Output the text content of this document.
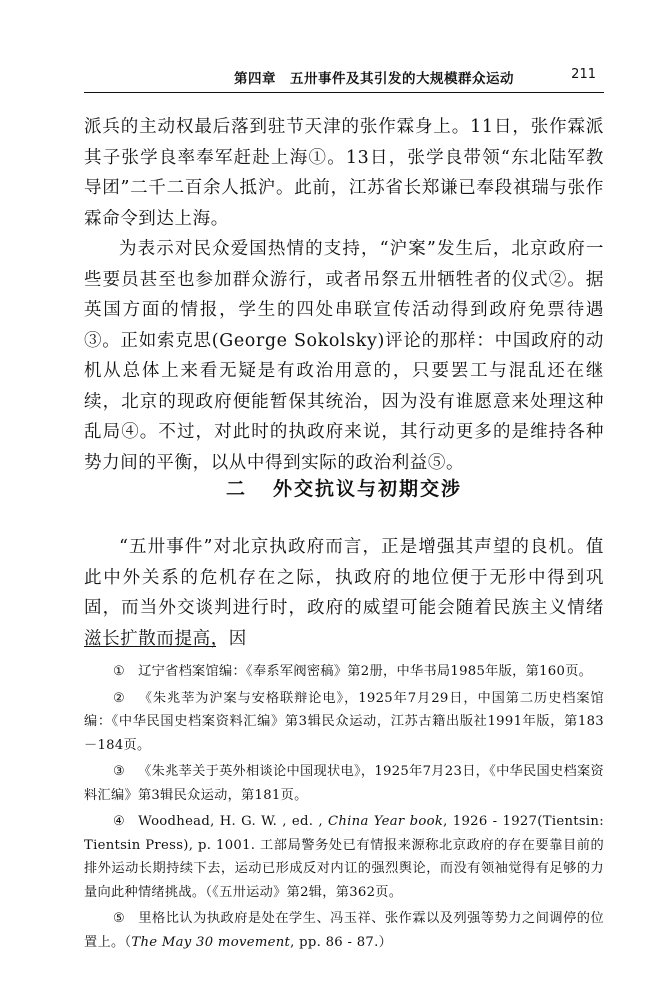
第四章　五卅事件及其引发的大规模群众运动	211

派兵的主动权最后落到驻节天津的张作霖身上。11日，张作霖派其子张学良率奉军赶赴上海①。13日，张学良带领“东北陆军教导团”二千二百余人抵沪。此前，江苏省长郑谦已奉段祺瑞与张作霖命令到达上海。

为表示对民众爱国热情的支持，“沪案”发生后，北京政府一些要员甚至也参加群众游行，或者吊祭五卅牺牲者的仪式②。据英国方面的情报，学生的四处串联宣传活动得到政府免票待遇③。正如索克思(George Sokolsky)评论的那样：中国政府的动机从总体上来看无疑是有政治用意的，只要罢工与混乱还在继续，北京的现政府便能暂保其统治，因为没有谁愿意来处理这种乱局④。不过，对此时的执政府来说，其行动更多的是维持各种势力间的平衡，以从中得到实际的政治利益⑤。

二 外交抗议与初期交涉

“五卅事件”对北京执政府而言，正是增强其声望的良机。值此中外关系的危机存在之际，执政府的地位便于无形中得到巩固，而当外交谈判进行时，政府的威望可能会随着民族主义情绪滋长扩散而提高，因

① 辽宁省档案馆编：《奉系军阀密稿》第2册，中华书局1985年版，第160页。

② 《朱兆莘为沪案与安格联辩论电》，1925年7月29日，中国第二历史档案馆编：《中华民国史档案资料汇编》第3辑民众运动，江苏古籍出版社1991年版，第183－184页。

③ 《朱兆莘关于英外相谈论中国现状电》，1925年7月23日，《中华民国史档案资料汇编》第3辑民众运动，第181页。

④ Woodhead, H. G. W. , ed. , China Year book, 1926 - 1927(Tientsin: Tientsin Press), p. 1001. 工部局警务处已有情报来源称北京政府的存在要靠目前的排外运动长期持续下去，运动已形成反对内讧的强烈舆论，而没有领袖觉得有足够的力量向此种情绪挑战。（《五卅运动》第2辑，第362页。

⑤ 里格比认为执政府是处在学生、冯玉祥、张作霖以及列强等势力之间调停的位置上。（The May 30 movement, pp. 86 - 87.）
